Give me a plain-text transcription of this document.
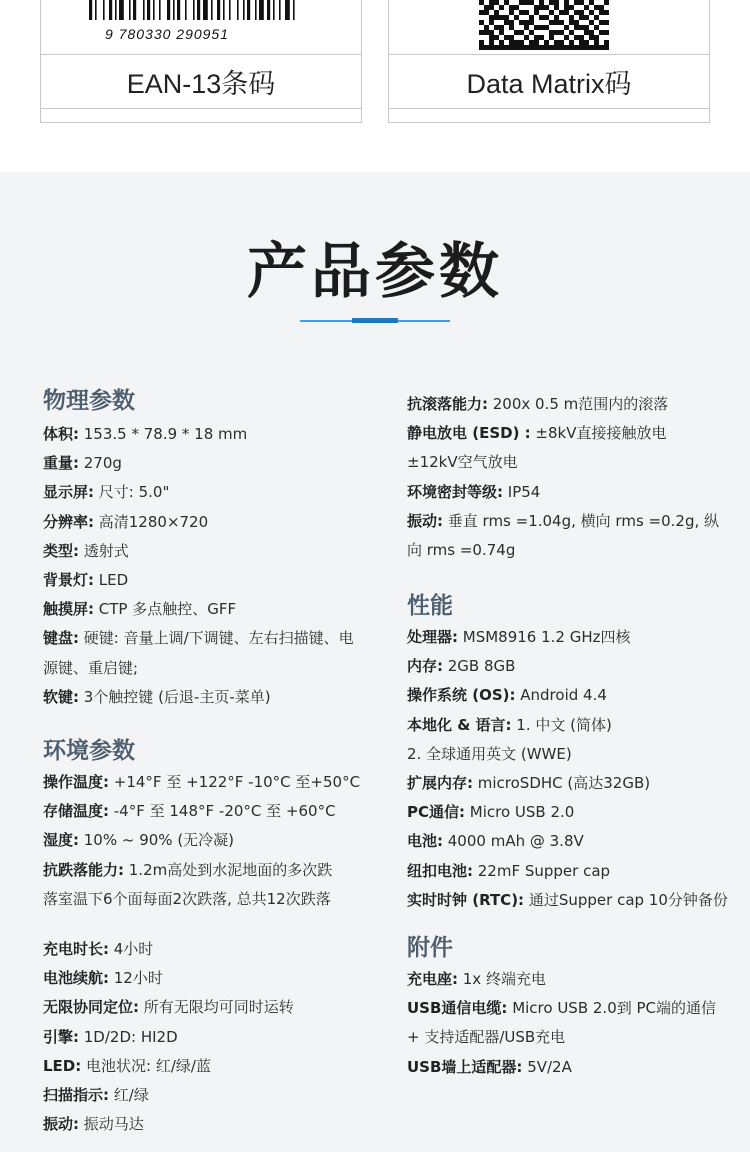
9 780330 290951
EAN-13条码	Data Matrix码
产品参数
物理参数
体积: 153.5 * 78.9 * 18 mm
重量: 270g
显示屏: 尺寸: 5.0"
分辨率: 高清1280×720
类型: 透射式
背景灯: LED
触摸屏: CTP 多点触控、GFF
键盘: 硬键: 音量上调/下调键、左右扫描键、电
源键、重启键;
软键: 3个触控键 (后退-主页-菜单)
环境参数
操作温度: +14°F 至 +122°F -10°C 至+50°C
存储温度: -4°F 至 148°F -20°C 至 +60°C
湿度: 10% ~ 90% (无冷凝)
抗跌落能力: 1.2m高处到水泥地面的多次跌
落室温下6个面每面2次跌落, 总共12次跌落
充电时长: 4小时
电池续航: 12小时
无限协同定位: 所有无限均可同时运转
引擎: 1D/2D: HI2D
LED: 电池状况: 红/绿/蓝
扫描指示: 红/绿
振动: 振动马达
抗滚落能力: 200x 0.5 m范围内的滚落
静电放电 (ESD) : ±8kV直接接触放电
±12kV空气放电
环境密封等级: IP54
振动: 垂直 rms =1.04g, 横向 rms =0.2g, 纵
向 rms =0.74g
性能
处理器: MSM8916 1.2 GHz四核
内存: 2GB 8GB
操作系统 (OS): Android 4.4
本地化 & 语言: 1. 中文 (简体)
2. 全球通用英文 (WWE)
扩展内存: microSDHC (高达32GB)
PC通信: Micro USB 2.0
电池: 4000 mAh @ 3.8V
纽扣电池: 22mF Supper cap
实时时钟 (RTC): 通过Supper cap 10分钟备份
附件
充电座: 1x 终端充电
USB通信电缆: Micro USB 2.0到 PC端的通信
+ 支持适配器/USB充电
USB墙上适配器: 5V/2A
